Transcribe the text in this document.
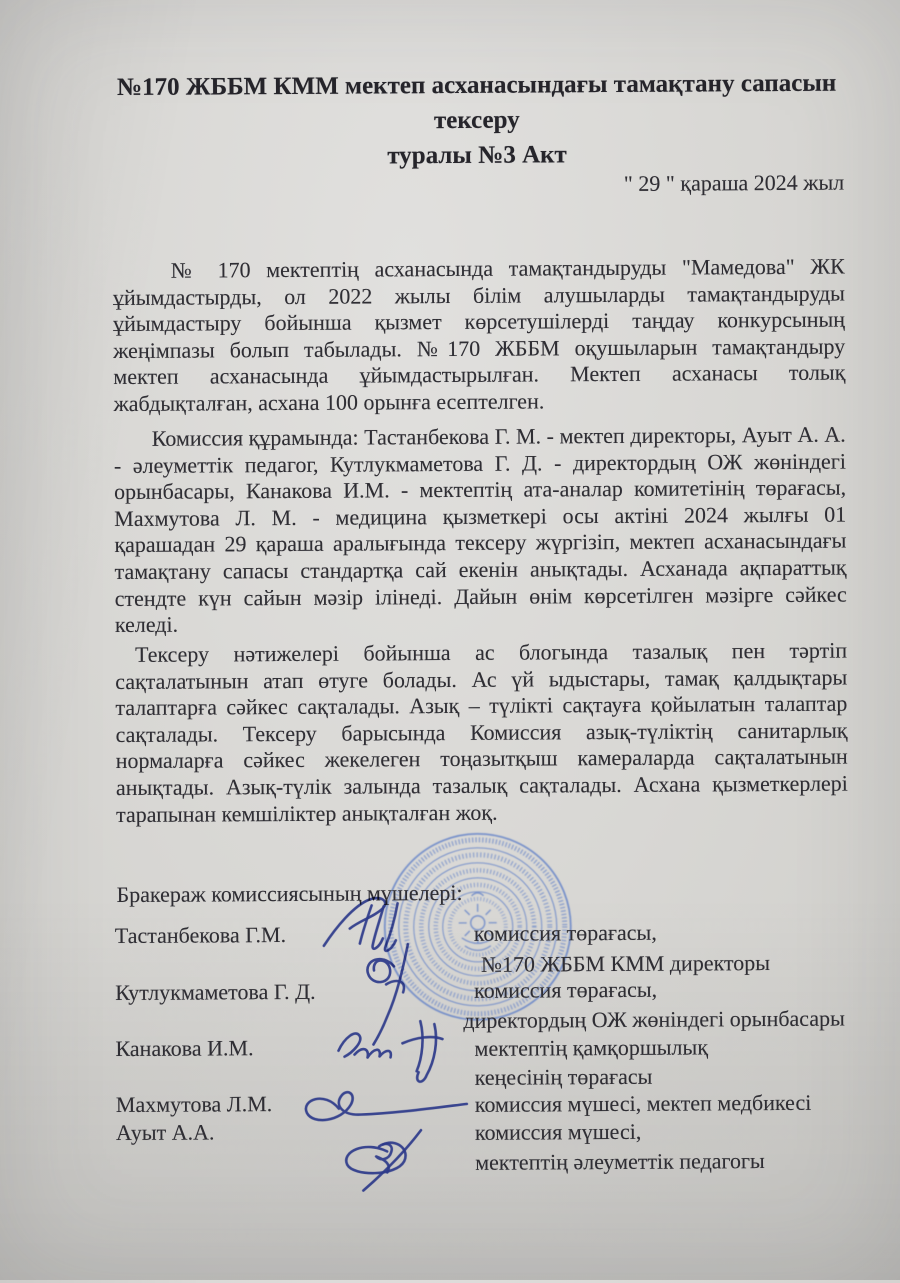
№170 ЖББМ КММ мектеп асханасындағы тамақтану сапасын тексеру
туралы №3 Акт
" 29 " қараша 2024 жыл

№ 170 мектептің асханасында тамақтандыруды "Мамедова" ЖК ұйымдастырды, ол 2022 жылы білім алушыларды тамақтандыруды ұйымдастыру бойынша қызмет көрсетушілерді таңдау конкурсының жеңімпазы болып табылады. №170 ЖББМ оқушыларын тамақтандыру мектеп асханасында ұйымдастырылған. Мектеп асханасы толық жабдықталған, асхана 100 орынға есептелген.

Комиссия құрамында: Тастанбекова Г. М. - мектеп директоры, Ауыт А. А. - әлеуметтік педагог, Кутлукмаметова Г. Д. - директордың ОЖ жөніндегі орынбасары, Канакова И.М. - мектептің ата-аналар комитетінің төрағасы, Махмутова Л. М. - медицина қызметкері осы актіні 2024 жылғы 01 қарашадан 29 қараша аралығында тексеру жүргізіп, мектеп асханасындағы тамақтану сапасы стандартқа сай екенін анықтады. Асханада ақпараттық стендте күн сайын мәзір ілінеді. Дайын өнім көрсетілген мәзірге сәйкес келеді.

Тексеру нәтижелері бойынша ас блогында тазалық пен тәртіп сақталатынын атап өтуге болады. Ас үй ыдыстары, тамақ қалдықтары талаптарға сәйкес сақталады. Азық – түлікті сақтауға қойылатын талаптар сақталады. Тексеру барысында Комиссия азық-түліктің санитарлық нормаларға сәйкес жекелеген тоңазытқыш камераларда сақталатынын анықтады. Азық-түлік залында тазалық сақталады. Асхана қызметкерлері тарапынан кемшіліктер анықталған жоқ.

Бракераж комиссиясының мүшелері:
Тастанбекова Г.М.	комиссия төрағасы,
№170 ЖББМ КММ директоры
Кутлукмаметова Г. Д.	комиссия төрағасы,
директордың ОЖ жөніндегі орынбасары
Канакова И.М.	мектептің қамқоршылық
кеңесінің төрағасы
Махмутова Л.М.	комиссия мүшесі, мектеп медбикесі
Ауыт А.А.	комиссия мүшесі,
мектептің әлеуметтік педагогы
